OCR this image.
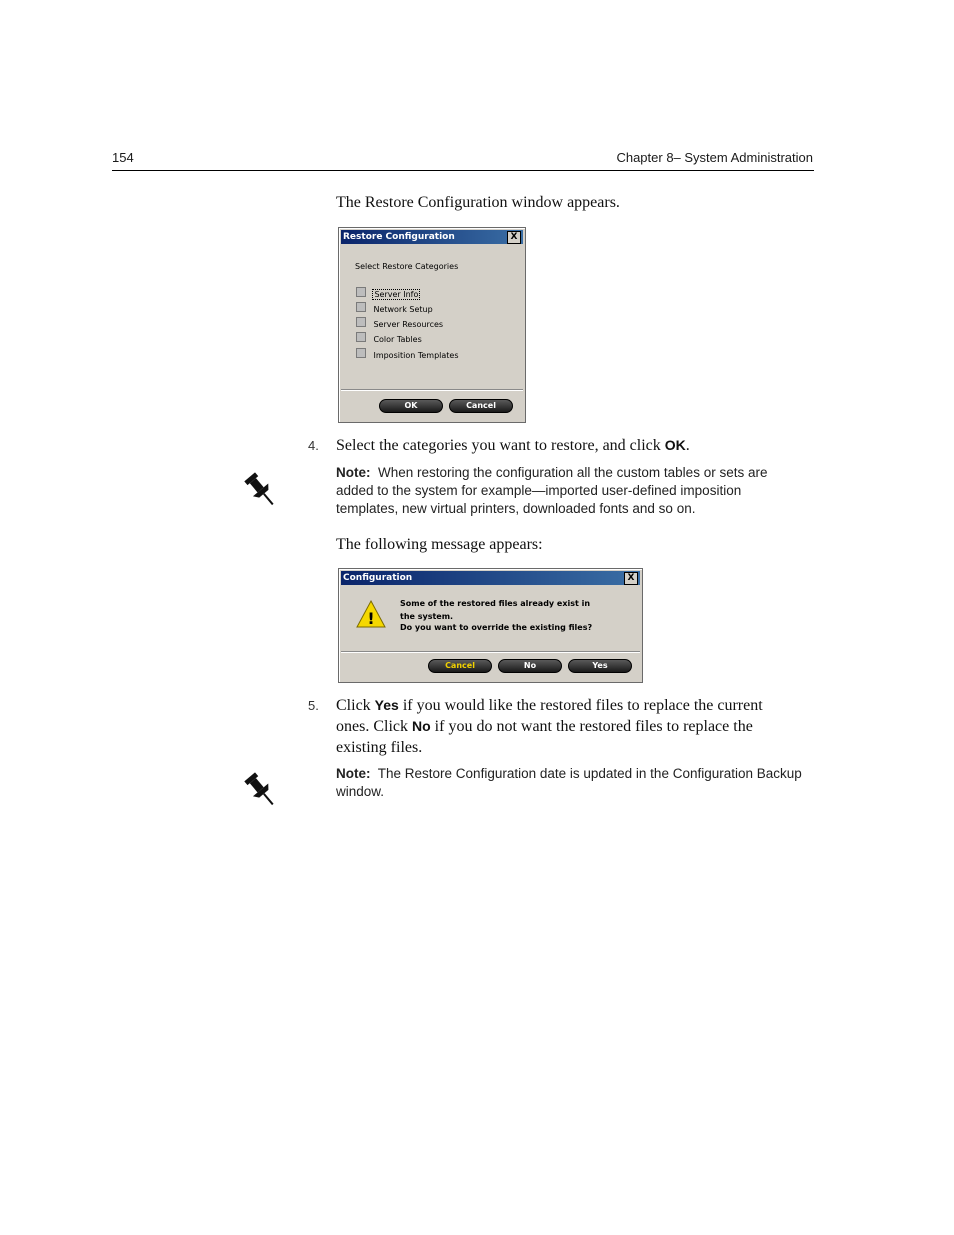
154	Chapter 8– System Administration
The Restore Configuration window appears.
Restore Configuration	X
Select Restore Categories
Server Info
Network Setup
Server Resources
Color Tables
Imposition Templates
OK	Cancel
4. Select the categories you want to restore, and click OK.
Note: When restoring the configuration all the custom tables or sets are added to the system for example—imported user-defined imposition templates, new virtual printers, downloaded fonts and so on.
The following message appears:
Configuration	X
!
Some of the restored files already exist in the system.
Do you want to override the existing files?
Cancel	No	Yes
5. Click Yes if you would like the restored files to replace the current ones. Click No if you do not want the restored files to replace the existing files.
Note: The Restore Configuration date is updated in the Configuration Backup window.
